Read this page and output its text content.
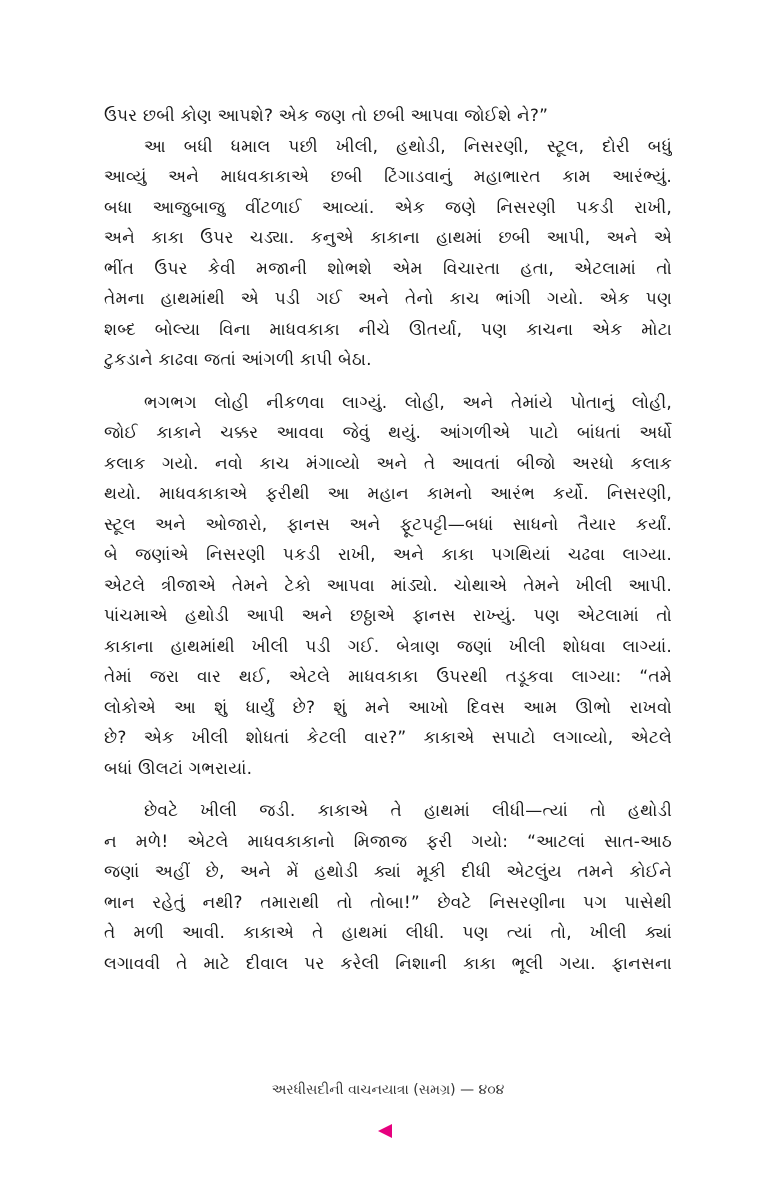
ઉપર છબી કોણ આપશે? એક જણ તો છબી આપવા જોઈશે ને?”
આ બધી ધમાલ પછી ખીલી, હથોડી, નિસરણી, સ્ટૂલ, દોરી બધું
આવ્યું અને માધવકાકાએ છબી ટિંગાડવાનું મહાભારત કામ આરંભ્યું.
બધા આજુબાજુ વીંટળાઈ આવ્યાં. એક જણે નિસરણી પકડી રાખી,
અને કાકા ઉપર ચડ્યા. કનુએ કાકાના હાથમાં છબી આપી, અને એ
ભીંત ઉપર કેવી મજાની શોભશે એમ વિચારતા હતા, એટલામાં તો
તેમના હાથમાંથી એ પડી ગઈ અને તેનો કાચ ભાંગી ગયો. એક પણ
શબ્દ બોલ્યા વિના માધવકાકા નીચે ઊતર્યા, પણ કાચના એક મોટા
ટુકડાને કાઢવા જતાં આંગળી કાપી બેઠા.
ભગભગ લોહી નીકળવા લાગ્યું. લોહી, અને તેમાંયે પોતાનું લોહી,
જોઈ કાકાને ચક્કર આવવા જેવું થયું. આંગળીએ પાટો બાંધતાં અર્ધો
કલાક ગયો. નવો કાચ મંગાવ્યો અને તે આવતાં બીજો અરધો કલાક
થયો. માધવકાકાએ ફરીથી આ મહાન કામનો આરંભ કર્યો. નિસરણી,
સ્ટૂલ અને ઓજારો, ફાનસ અને ફૂટપટ્ટી—બધાં સાધનો તૈયાર કર્યાં.
બે જણાંએ નિસરણી પકડી રાખી, અને કાકા પગથિયાં ચઢવા લાગ્યા.
એટલે ત્રીજાએ તેમને ટેકો આપવા માંડ્યો. ચોથાએ તેમને ખીલી આપી.
પાંચમાએ હથોડી આપી અને છઠ્ઠાએ ફાનસ રાખ્યું. પણ એટલામાં તો
કાકાના હાથમાંથી ખીલી પડી ગઈ. બેત્રાણ જણાં ખીલી શોધવા લાગ્યાં.
તેમાં જરા વાર થઈ, એટલે માધવકાકા ઉપરથી તડૂકવા લાગ્યા: “તમે
લોકોએ આ શું ધાર્યું છે? શું મને આખો દિવસ આમ ઊભો રાખવો
છે? એક ખીલી શોધતાં કેટલી વાર?” કાકાએ સપાટો લગાવ્યો, એટલે
બધાં ઊલટાં ગભરાયાં.
છેવટે ખીલી જડી. કાકાએ તે હાથમાં લીધી—ત્યાં તો હથોડી
ન મળે! એટલે માધવકાકાનો મિજાજ ફરી ગયો: “આટલાં સાત-આઠ
જણાં અહીં છે, અને મેં હથોડી ક્યાં મૂકી દીધી એટલુંય તમને કોઈને
ભાન રહેતું નથી? તમારાથી તો તોબા!” છેવટે નિસરણીના પગ પાસેથી
તે મળી આવી. કાકાએ તે હાથમાં લીધી. પણ ત્યાં તો, ખીલી ક્યાં
લગાવવી તે માટે દીવાલ પર કરેલી નિશાની કાકા ભૂલી ગયા. ફાનસના
અરધીસદીની વાચનયાત્રા (સમગ્ર) — ૪૦૪
